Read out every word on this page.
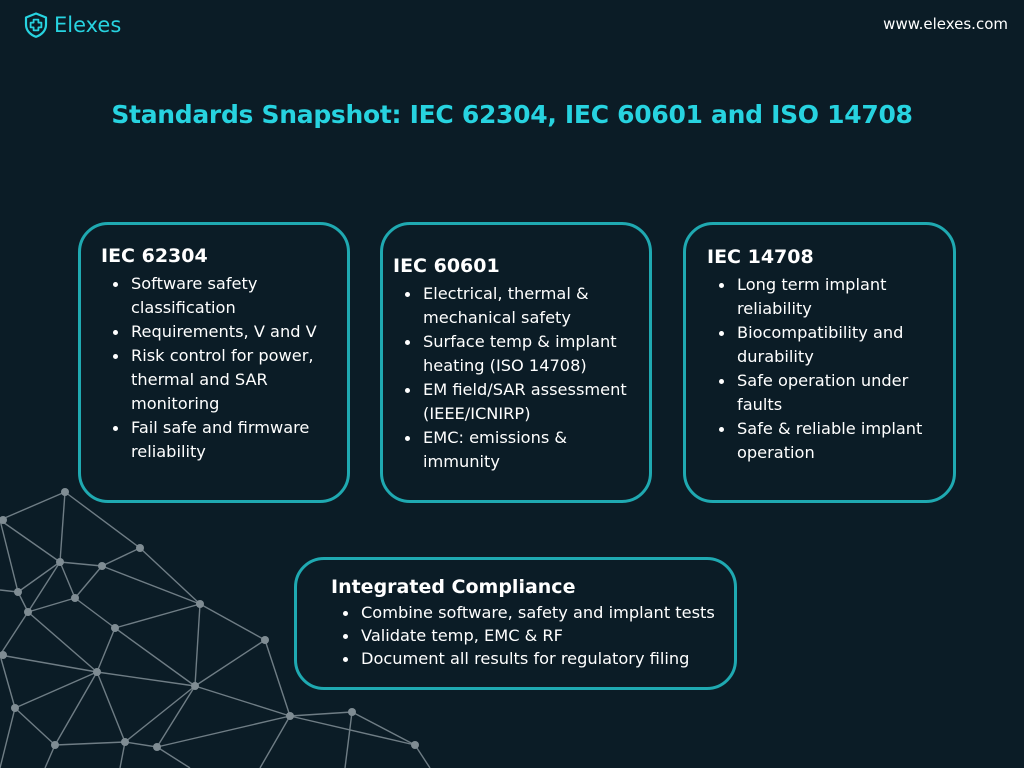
Elexes	www.elexes.com
Standards Snapshot: IEC 62304, IEC 60601 and ISO 14708
IEC 62304
Software safety classification
Requirements, V and V
Risk control for power, thermal and SAR monitoring
Fail safe and firmware reliability
IEC 60601
Electrical, thermal & mechanical safety
Surface temp & implant heating (ISO 14708)
EM field/SAR assessment (IEEE/ICNIRP)
EMC: emissions & immunity
IEC 14708
Long term implant reliability
Biocompatibility and durability
Safe operation under faults
Safe & reliable implant operation
Integrated Compliance
Combine software, safety and implant tests
Validate temp, EMC & RF
Document all results for regulatory filing
